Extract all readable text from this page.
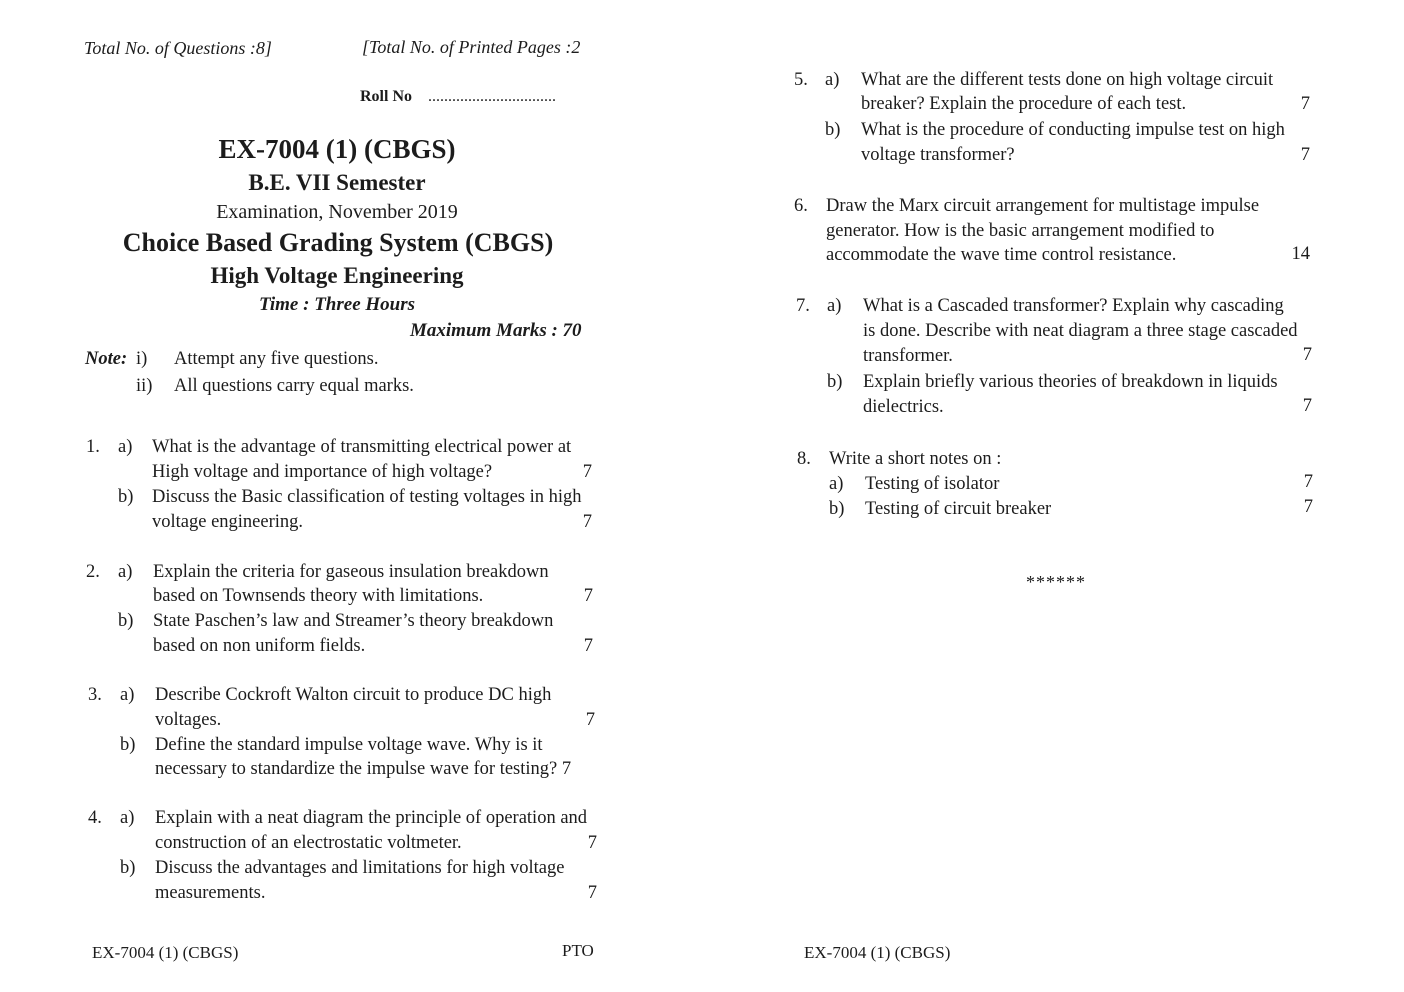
Total No. of Questions :8]	[Total No. of Printed Pages :2
Roll No ................................
EX-7004 (1) (CBGS)
B.E. VII Semester
Examination, November 2019
Choice Based Grading System (CBGS)
High Voltage Engineering
Time : Three Hours
Maximum Marks : 70
Note: i) Attempt any five questions.
ii) All questions carry equal marks.
1. a) What is the advantage of transmitting electrical power at
High voltage and importance of high voltage?	7
b) Discuss the Basic classification of testing voltages in high
voltage engineering.	7
2. a) Explain the criteria for gaseous insulation breakdown
based on Townsends theory with limitations.	7
b) State Paschen’s law and Streamer’s theory breakdown
based on non uniform fields.	7
3. a) Describe Cockroft Walton circuit to produce DC high
voltages.	7
b) Define the standard impulse voltage wave. Why is it
necessary to standardize the impulse wave for testing? 7
4. a) Explain with a neat diagram the principle of operation and
construction of an electrostatic voltmeter.	7
b) Discuss the advantages and limitations for high voltage
measurements.	7
EX-7004 (1) (CBGS)	PTO
5. a) What are the different tests done on high voltage circuit
breaker? Explain the procedure of each test.	7
b) What is the procedure of conducting impulse test on high
voltage transformer?	7
6. Draw the Marx circuit arrangement for multistage impulse
generator. How is the basic arrangement modified to
accommodate the wave time control resistance.	14
7. a) What is a Cascaded transformer? Explain why cascading
is done. Describe with neat diagram a three stage cascaded
transformer.	7
b) Explain briefly various theories of breakdown in liquids
dielectrics.	7
8. Write a short notes on :
a) Testing of isolator	7
b) Testing of circuit breaker	7
******
EX-7004 (1) (CBGS)
